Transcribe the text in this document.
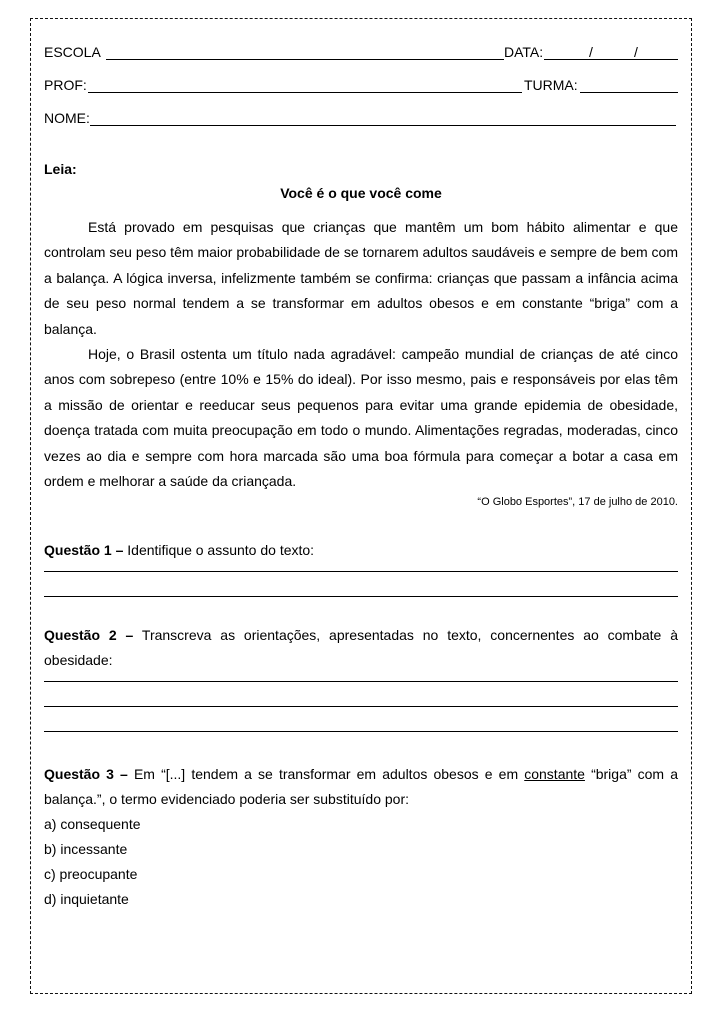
ESCOLA	DATA:	/	/
PROF:	TURMA:
NOME:
Leia:
Você é o que você come

Está provado em pesquisas que crianças que mantêm um bom hábito alimentar e que controlam seu peso têm maior probabilidade de se tornarem adultos saudáveis e sempre de bem com a balança. A lógica inversa, infelizmente também se confirma: crianças que passam a infância acima de seu peso normal tendem a se transformar em adultos obesos e em constante “briga” com a balança.

Hoje, o Brasil ostenta um título nada agradável: campeão mundial de crianças de até cinco anos com sobrepeso (entre 10% e 15% do ideal). Por isso mesmo, pais e responsáveis por elas têm a missão de orientar e reeducar seus pequenos para evitar uma grande epidemia de obesidade, doença tratada com muita preocupação em todo o mundo. Alimentações regradas, moderadas, cinco vezes ao dia e sempre com hora marcada são uma boa fórmula para começar a botar a casa em ordem e melhorar a saúde da criançada.

“O Globo Esportes”, 17 de julho de 2010.
Questão 1 – Identifique o assunto do texto:
Questão 2 – Transcreva as orientações, apresentadas no texto, concernentes ao combate à obesidade:
Questão 3 – Em “[...] tendem a se transformar em adultos obesos e em constante “briga” com a balança.”, o termo evidenciado poderia ser substituído por:
a) consequente
b) incessante
c) preocupante
d) inquietante
